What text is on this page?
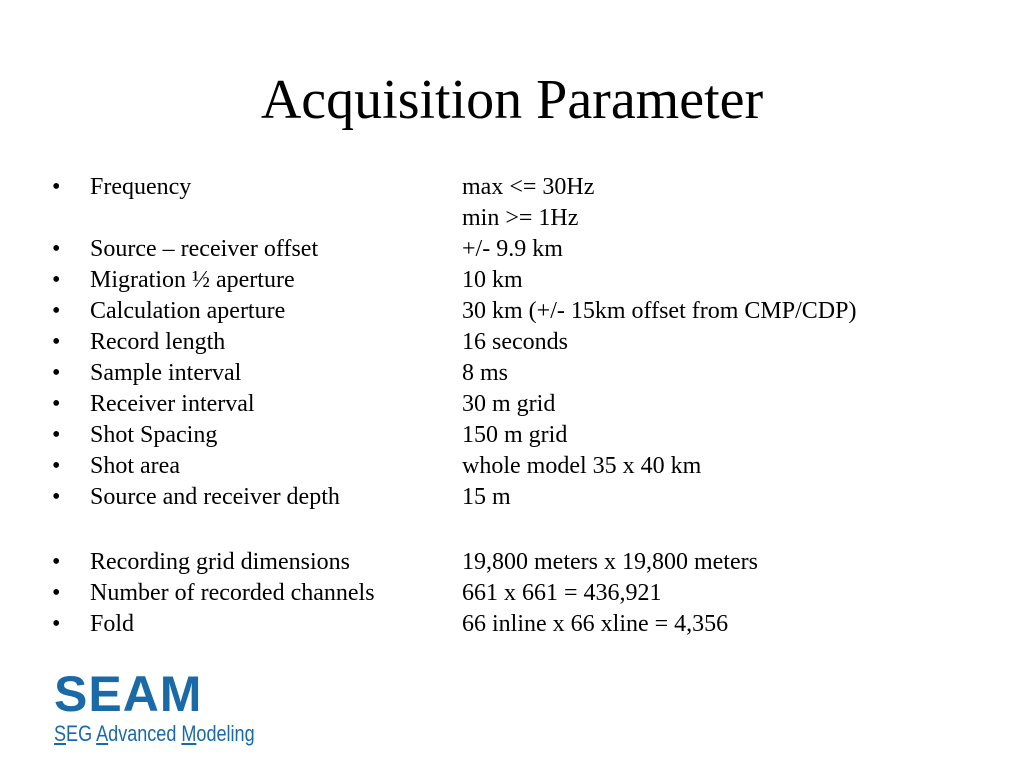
Acquisition Parameter
• Frequency	max <= 30Hz
min >= 1Hz
• Source – receiver offset	+/- 9.9 km
• Migration ½ aperture	10 km
• Calculation aperture	30 km (+/- 15km offset from CMP/CDP)
• Record length	16 seconds
• Sample interval	8 ms
• Receiver interval	30 m grid
• Shot Spacing	150 m grid
• Shot area	whole model 35 x 40 km
• Source and receiver depth	15 m
• Recording grid dimensions	19,800 meters x 19,800 meters
• Number of recorded channels	661 x 661 = 436,921
• Fold	66 inline x 66 xline = 4,356
SEAM
SEG Advanced Modeling
